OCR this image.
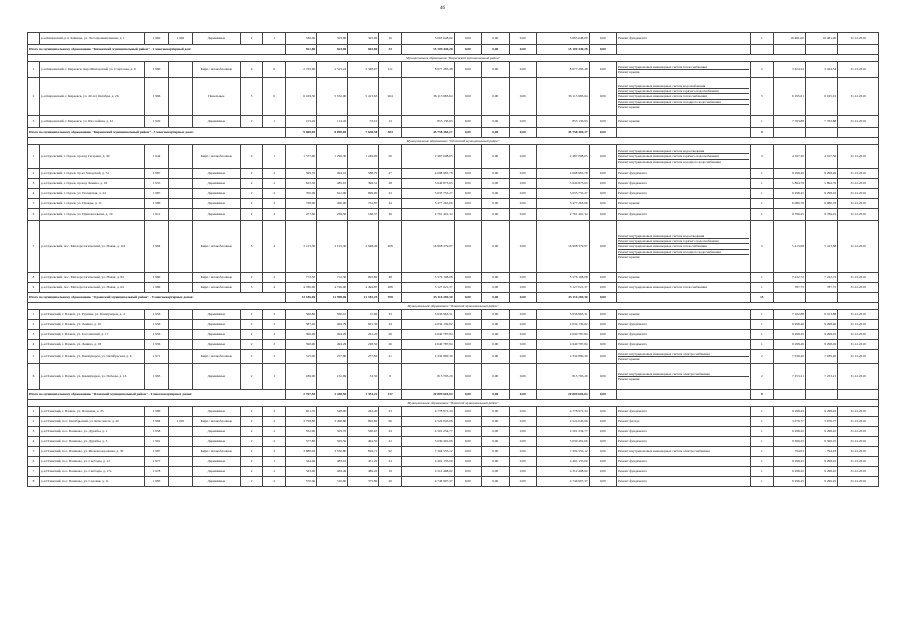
46
	р-н Кимовский, р.п. Клинцы, ул. Лесопромышленная, д. 1	1 960	1 992	Деревянные	2	1	336,00	305,90	305,90	16	5 063 048,00	0,00	0,00	0,00	5 063 048,00	0,00	Ремонт фундамента	1	16 481,00	16 481,00	31.12.2019
Итого по муниципальному образованию "Кимовский муниципальный район" - 1 многоквартирный дом:							921,80	824,00	603,80	33	15 109 440,28	0,00	0,00	0,00	15 109 440,28	0,00					
Муниципальное образование "Киреевский муниципальный район"																					
1	р-н Киреевский, г. Киреевск, мкр Шахтерский, ул. Стартовая, д. 9	1 980		Кирп./ шлакоблочные	4	6	2 745,60	2 523,24	2 348,07	121	8 677 283,48	0,00	0,00	0,00	8 677 283,48	0,00	Ремонт внутридомовых инженерных систем теплоснабжения
Ремонт крыши	2	3 424,54	3 424,54	31.12.2019
2	р-н Киреевский, г. Киреевск, ул. 40 лет Октября, д. 26	1 966		Панельные	5	6	6 169,30	5 532,00	5 413,63	264	36 113 983,64	0,00	0,00	0,00	36 113 983,64	0,00	Ремонт внутридомовых инженерных систем водоснабжения
Ремонт внутридомовых инженерных систем горячего водоснабжения
Ремонт внутридомовых инженерных систем теплоснабжения
Ремонт внутридомовых инженерных систем холодного водоснабжения
Ремонт крыши	5	6 195,01	6 195,01	31.12.2019
3	р-н Киреевский, г. Киреевск, ул. Шоссейная, д. 42	1 920		Деревянные	2	1	153,20	114,45	53,10	13	855 136,93	0,00	0,00	0,00	855 136,93	0,00	Ремонт крыши	1	7 763,88	7 763,88	31.12.2019
Итого по муниципальному образованию "Киреевский муниципальный район" - 3 многоквартирных дома:							9 068,09	8 098,69	7 638,38	384	45 758 369,17	0,00	0,00	0,00	45 758 369,17	0,00		8			
Муниципальное образование "Одоевский муниципальный район"																					
1	р-н Одоевский, г. Одоев, проезд Гагарина, д. 49	1 944		Кирп./ шлакоблочные	4	1	1 377,60	1 290,30	1 249,00	56	2 487 008,05	0,00	0,00	0,00	2 487 008,05	0,00	Ремонт внутридомовых инженерных систем водоотведения
Ремонт внутридомовых инженерных систем горячего водоснабжения
Ремонт внутридомовых инженерных систем холодного водоснабжения	3	4 197,30	4 197,30	31.12.2019
2	р-н Одоевский, г. Одоев, пр-кт Заводской, д. 72	1 987		Деревянные	2	2	599,70	494,10	588,70	27	4 098 981,78	0,00	0,00	0,00	4 098 981,78	0,00	Ремонт фундамента	1	9 298,49	9 298,49	31.12.2019
3	р-н Одоевский, г. Одоев, проезд Ленина, д. 18	1 955		Деревянные	2	2	623,30	485,10	396,51	28	3 640 873,63	0,00	0,00	0,00	3 640 873,63	0,00	Ремонт фундамента	1	5 894,79	5 894,79	31.12.2019
4	р-н Одоевский, г. Одоев, ул. Полевская, д. 24	1 987		Деревянные	2	2	700,00	612,00	699,00	23	3 635 755,27	0,00	0,00	0,00	3 635 755,27	0,00	Ремонт фундамента	1	9 298,45	9 298,45	31.12.2019
5	р-н Одоевский, г. Одоев, ул. Правды, д. 11	1 980		Деревянные	2	2	728,90	400,00	752,87	34	3 477 263,06	0,00	0,00	0,00	3 477 263,06	0,00	Ремонт крыши	1	6 080,76	6 080,76	31.12.2019
6	р-н Одоевский, г. Одоев, ул. Привокзальная, д. 19	1 912		Деревянные	2	2	477,60	269,30	166,37	36	2 761 491,34	0,00	0,00	0,00	2 761 491,34	0,00	Ремонт фундамента	1	9 786,45	9 786,45	31.12.2019
7	р-н Одоевский, пос. Метеорологический, ул. Новая, д. 101	1 984		Кирп./ шлакоблочные	5	4	3 123,30	3 123,30	2 948,46	208	16 908 379,97	0,00	0,00	0,00	16 908 379,97	0,00	Ремонт внутридомовых инженерных систем водоотведения
Ремонт внутридомовых инженерных систем горячего водоснабжения
Ремонт внутридомовых инженерных систем теплоснабжения
Ремонт внутридомовых инженерных систем холодного водоснабжения
Ремонт крыши	5	5 413,68	5 413,68	31.12.2019
8	р-н Одоевский, пос. Метеорологический, ул. Новая, д. 84	1 980		Кирп./ шлакоблочные	2	2	772,30	712,30	693,80	48	5 576 108,08	0,00	0,00	0,00	5 576 108,08	0,00	Ремонт крыши	1	7 222,72	7 222,72	31.12.2019
9	р-н Одоевский, пос. Метеорологический, ул. Новая, д. 64	1 989		Кирп./ шлакоблочные	3	4	4 786,00	4 726,00	4 494,87	288	3 127 021,37	0,00	0,00	0,00	3 127 021,37	0,00	Ремонт внутридомовых инженерных систем теплоснабжения	1	787,75	787,75	31.12.2019
Итого по муниципальному образованию "Одоевский муниципальный район" - 9 многоквартирных домов:							13 186,00	11 998,06	11 182,25	708	45 116 269,30	0,00	0,00	0,00	45 116 269,30	0,00		15			
Муниципальное образование "Плавский муниципальный район"																					
1	р-н Плавский, г. Плавск, ул. Руднева, ул. Коммунаров, д. 4	1 956		Деревянные	2	2	560,80	500,10	15,60	33	3 636 963,31	0,00	0,00	0,00	3 636 963,31	0,00	Ремонт крыши	1	7 102,88	9 103,88	31.12.2019
2	р-н Плавский, г. Плавск, ул. Ленина, д. 10	1 956		Деревянные	2	2	587,40	494,79	601,30	34	4 634 139,62	0,00	0,00	0,00	4 634 139,62	0,00	Ремонт фундамента	1	9 298,40	9 298,40	31.12.2019
3	р-н Плавский, г. Плавск, ул. Гоголевский, д. 17	1 956		Деревянные	2	2	590,90	494,29	243,20	29	4 640 787,84	0,00	0,00	0,00	4 640 787,84	0,00	Ремонт фундамента	1	9 298,45	9 298,45	31.12.2019
4	р-н Плавский, г. Плавск, ул. Ленина, д. 18	1 956		Деревянные	2	2	590,90	494,29	228,50	26	4 640 787,84	0,00	0,00	0,00	4 640 787,84	0,00	Ремонт фундамента	1	9 298,49	9 298,49	31.12.2019
5	р-н Плавский, г. Плавск, ул. Коммунаров, ул. Октябрьская, д. 6	1 971		Кирп./ шлакоблочные	2	2	315,00	257,80	257,82	21	2 332 890,30	0,00	0,00	0,00	2 332 890,30	0,00	Ремонт внутридомовых инженерных систем электроснабжения
Ремонт крыши	2	7 039,20	7 039,20	31.12.2019
6	р-н Плавский, г. Плавск, ул. Коммунаров, ул. Победы, д. 16	1 963		Деревянные	2	1	186,90	152,69	33,50	8	815 793,29	0,00	0,00	0,00	815 793,29	0,00	Ремонт внутридомовых инженерных систем электроснабжения
Ремонт крыши	2	7 253,21	7 253,21	31.12.2019
Итого по муниципальному образованию "Плавский муниципальный район" - 6 многоквартирных домов:							2 767,50	2 448,50	1 354,22	137	20 809 604,04	0,00	0,00	0,00	20 809 604,04	0,00		8			
Муниципальное образование "Плавский муниципальный район"																					
1	р-н Плавский, г. Плавск, ул. Ясеневая, д. 25	1 980		Деревянные	2	2	621,70	528,00	242,40	23	4 778 971,34	0,00	0,00	0,00	4 778 971,34	0,00	Ремонт фундамента	1	9 298,45	9 298,45	31.12.2019
2	р-н Плавский, пос. Октябрьский, ул. Комсомола, д. 20	1 984	2 005	Кирп./ шлакоблочные	2	2	3 758,80	3 490,80	692,60	96	4 524 045,06	0,00	0,00	0,00	4 524 045,06	0,00	Ремонт фасада	1	3 076,77	3 076,77	31.12.2019
3	р-н Плавский, пос. Пашково, ул. Дружбы, д. 1	1 958		Деревянные	2	2	552,90	505,70	500,67	24	4 501 234,77	0,00	0,00	0,00	4 501 234,77	0,00	Ремонт фундамента	1	9 298,45	9 298,45	31.12.2019
4	р-н Плавский, пос. Пашково, ул. Дружбы, д. 3	1 961		Деревянные	2	2	577,80	505,50	494,50	22	5 039 491,06	0,00	0,00	0,00	5 039 491,06	0,00	Ремонт фундамента	1	9 306,25	9 306,25	31.12.2019
5	р-н Плавский, пос. Пашково, ул. Железнодорожная, д. 39	1 987		Кирп./ шлакоблочные	2	2	3 688,92	3 550,80	829,71	92	7 304 555,12	0,00	0,00	0,00	7 304 555,12	0,00	Ремонт внутридомовых инженерных систем электроснабжения	1	794,03	794,03	31.12.2019
6	р-н Плавский, пос. Пашково, ул. Свободы, д. 12	1 977		Деревянные	2	1	544,06	483,10	451,20	24	4 491 135,00	0,00	0,00	0,00	4 491 135,00	0,00	Ремонт фундамента	1	9 298,45	9 298,45	31.12.2019
7	р-н Плавский, пос. Пашково, ул. Свободы, д. 17а	1 978		Деревянные	2	2	543,00	463,49	489,20	19	4 312 498,92	0,00	0,00	0,00	4 312 498,92	0,00	Ремонт фундамента	1	9 298,45	9 298,45	31.12.2019
8	р-н Плавский, пос. Пашково, ул. Садовая, д. 11	1 983		Деревянные	2	2	570,00	510,60	375,80	20	4 746 907,37	0,00	0,00	0,00	4 746 907,37	0,00	Ремонт фундамента	1	9 296,45	9 296,45	31.12.2019
